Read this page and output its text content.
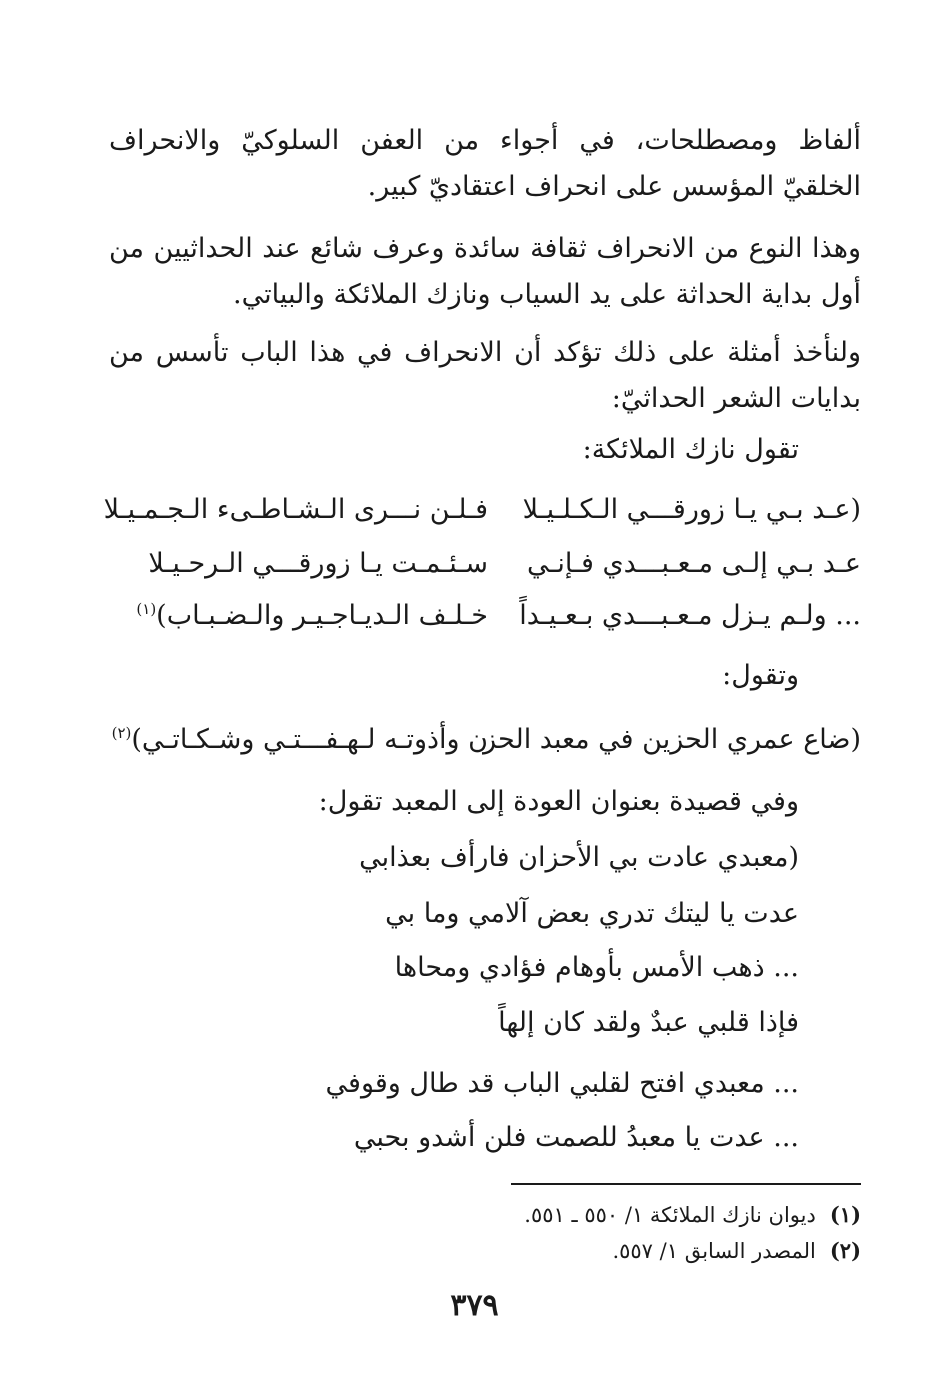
ألفاظ ومصطلحات، في أجواء من العفن السلوكيّ والانحراف الخلقيّ المؤسس على انحراف اعتقاديّ كبير.
وهذا النوع من الانحراف ثقافة سائدة وعرف شائع عند الحداثيين من أول بداية الحداثة على يد السياب ونازك الملائكة والبياتي.
ولنأخذ أمثلة على ذلك تؤكد أن الانحراف في هذا الباب تأسس من بدايات الشعر الحداثيّ:
تقول نازك الملائكة:
(عـد بـي يـا زورقـــي الـكـلـيـلا
فـلـن نـــرى الـشـاطـىء الـجـمـيـلا
عـد بـي إلـى مـعـبـــدي فـإنـي
سـئـمـت يـا زورقـــي الـرحـيـلا
... ولـم يـزل مـعـبـــدي بـعـيـداً
خـلـف الـديـاجـيـر والـضـبـاب)$^{(١)}$
وتقول:
(ضاع عمري الحزين في معبد الحز
ن وأذوتـه لـهـفـــتـي وشـكـاتـي)$^{(٢)}$
وفي قصيدة بعنوان العودة إلى المعبد تقول:
(معبدي عادت بي الأحزان فارأف بعذابي
عدت يا ليتك تدري بعض آلامي وما بي
... ذهب الأمس بأوهام فؤادي ومحاها
فإذا قلبي عبدٌ ولقد كان إلهاً
... معبدي افتح لقلبي الباب قد طال وقوفي
... عدت يا معبدُ للصمت فلن أشدو بحبي
(١)ديوان نازك الملائكة ١/ ٥٥٠ ـ ٥٥١.
(٢)المصدر السابق ١/ ٥٥٧.
٣٧٩
